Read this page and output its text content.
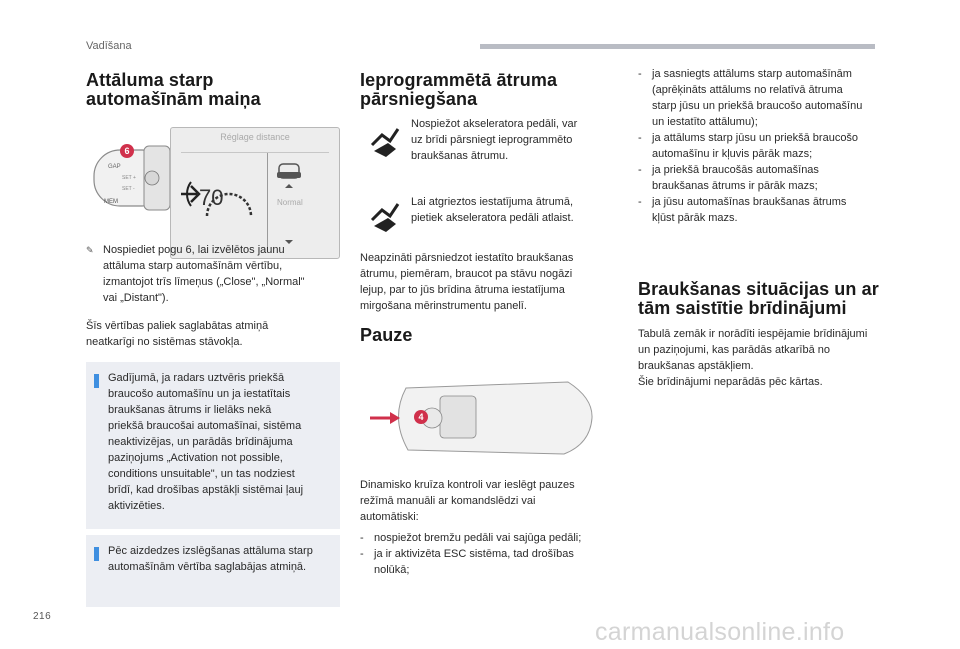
Vadīšana
Attāluma starp
automašīnām maiņa
GAP
SET +
SET -
MEM
6
Réglage distance
70	Normal
✎ Nospiediet pogu 6, lai izvēlētos jaunu
attāluma starp automašīnām vērtību,
izmantojot trīs līmeņus („Close", „Normal"
vai „Distant").
Šīs vērtības paliek saglabātas atmiņā
neatkarīgi no sistēmas stāvokļa.
Gadījumā, ja radars uztvēris priekšā
braucošo automašīnu un ja iestatītais
braukšanas ātrums ir lielāks nekā
priekšā braucošai automašīnai, sistēma
neaktivizējas, un parādās brīdinājuma
paziņojums „Activation not possible,
conditions unsuitable", un tas nodziest
brīdī, kad drošības apstākļi sistēmai ļauj
aktivizēties.
Pēc aizdedzes izslēgšanas attāluma starp
automašīnām vērtība saglabājas atmiņā.
Ieprogrammētā ātruma
pārsniegšana
Nospiežot akseleratora pedāli, var
uz brīdi pārsniegt ieprogrammēto
braukšanas ātrumu.
Lai atgrieztos iestatījuma ātrumā,
pietiek akseleratora pedāli atlaist.
Neapzināti pārsniedzot iestatīto braukšanas
ātrumu, piemēram, braucot pa stāvu nogāzi
lejup, par to jūs brīdina ātruma iestatījuma
mirgošana mērinstrumentu panelī.
Pauze
4
Dinamisko kruīza kontroli var ieslēgt pauzes
režīmā manuāli ar komandslēdzi vai
automātiski:
- nospiežot bremžu pedāli vai sajūga pedāli;
- ja ir aktivizēta ESC sistēma, tad drošības
nolūkā;
- ja sasniegts attālums starp automašīnām
(aprēķināts attālums no relatīvā ātruma
starp jūsu un priekšā braucošo automašīnu
un iestatīto attālumu);
- ja attālums starp jūsu un priekšā braucošo
automašīnu ir kļuvis pārāk mazs;
- ja priekšā braucošās automašīnas
braukšanas ātrums ir pārāk mazs;
- ja jūsu automašīnas braukšanas ātrums
kļūst pārāk mazs.
Braukšanas situācijas un ar
tām saistītie brīdinājumi
Tabulā zemāk ir norādīti iespējamie brīdinājumi
un paziņojumi, kas parādās atkarībā no
braukšanas apstākļiem.
Šie brīdinājumi neparādās pēc kārtas.
216
carmanualsonline.info
